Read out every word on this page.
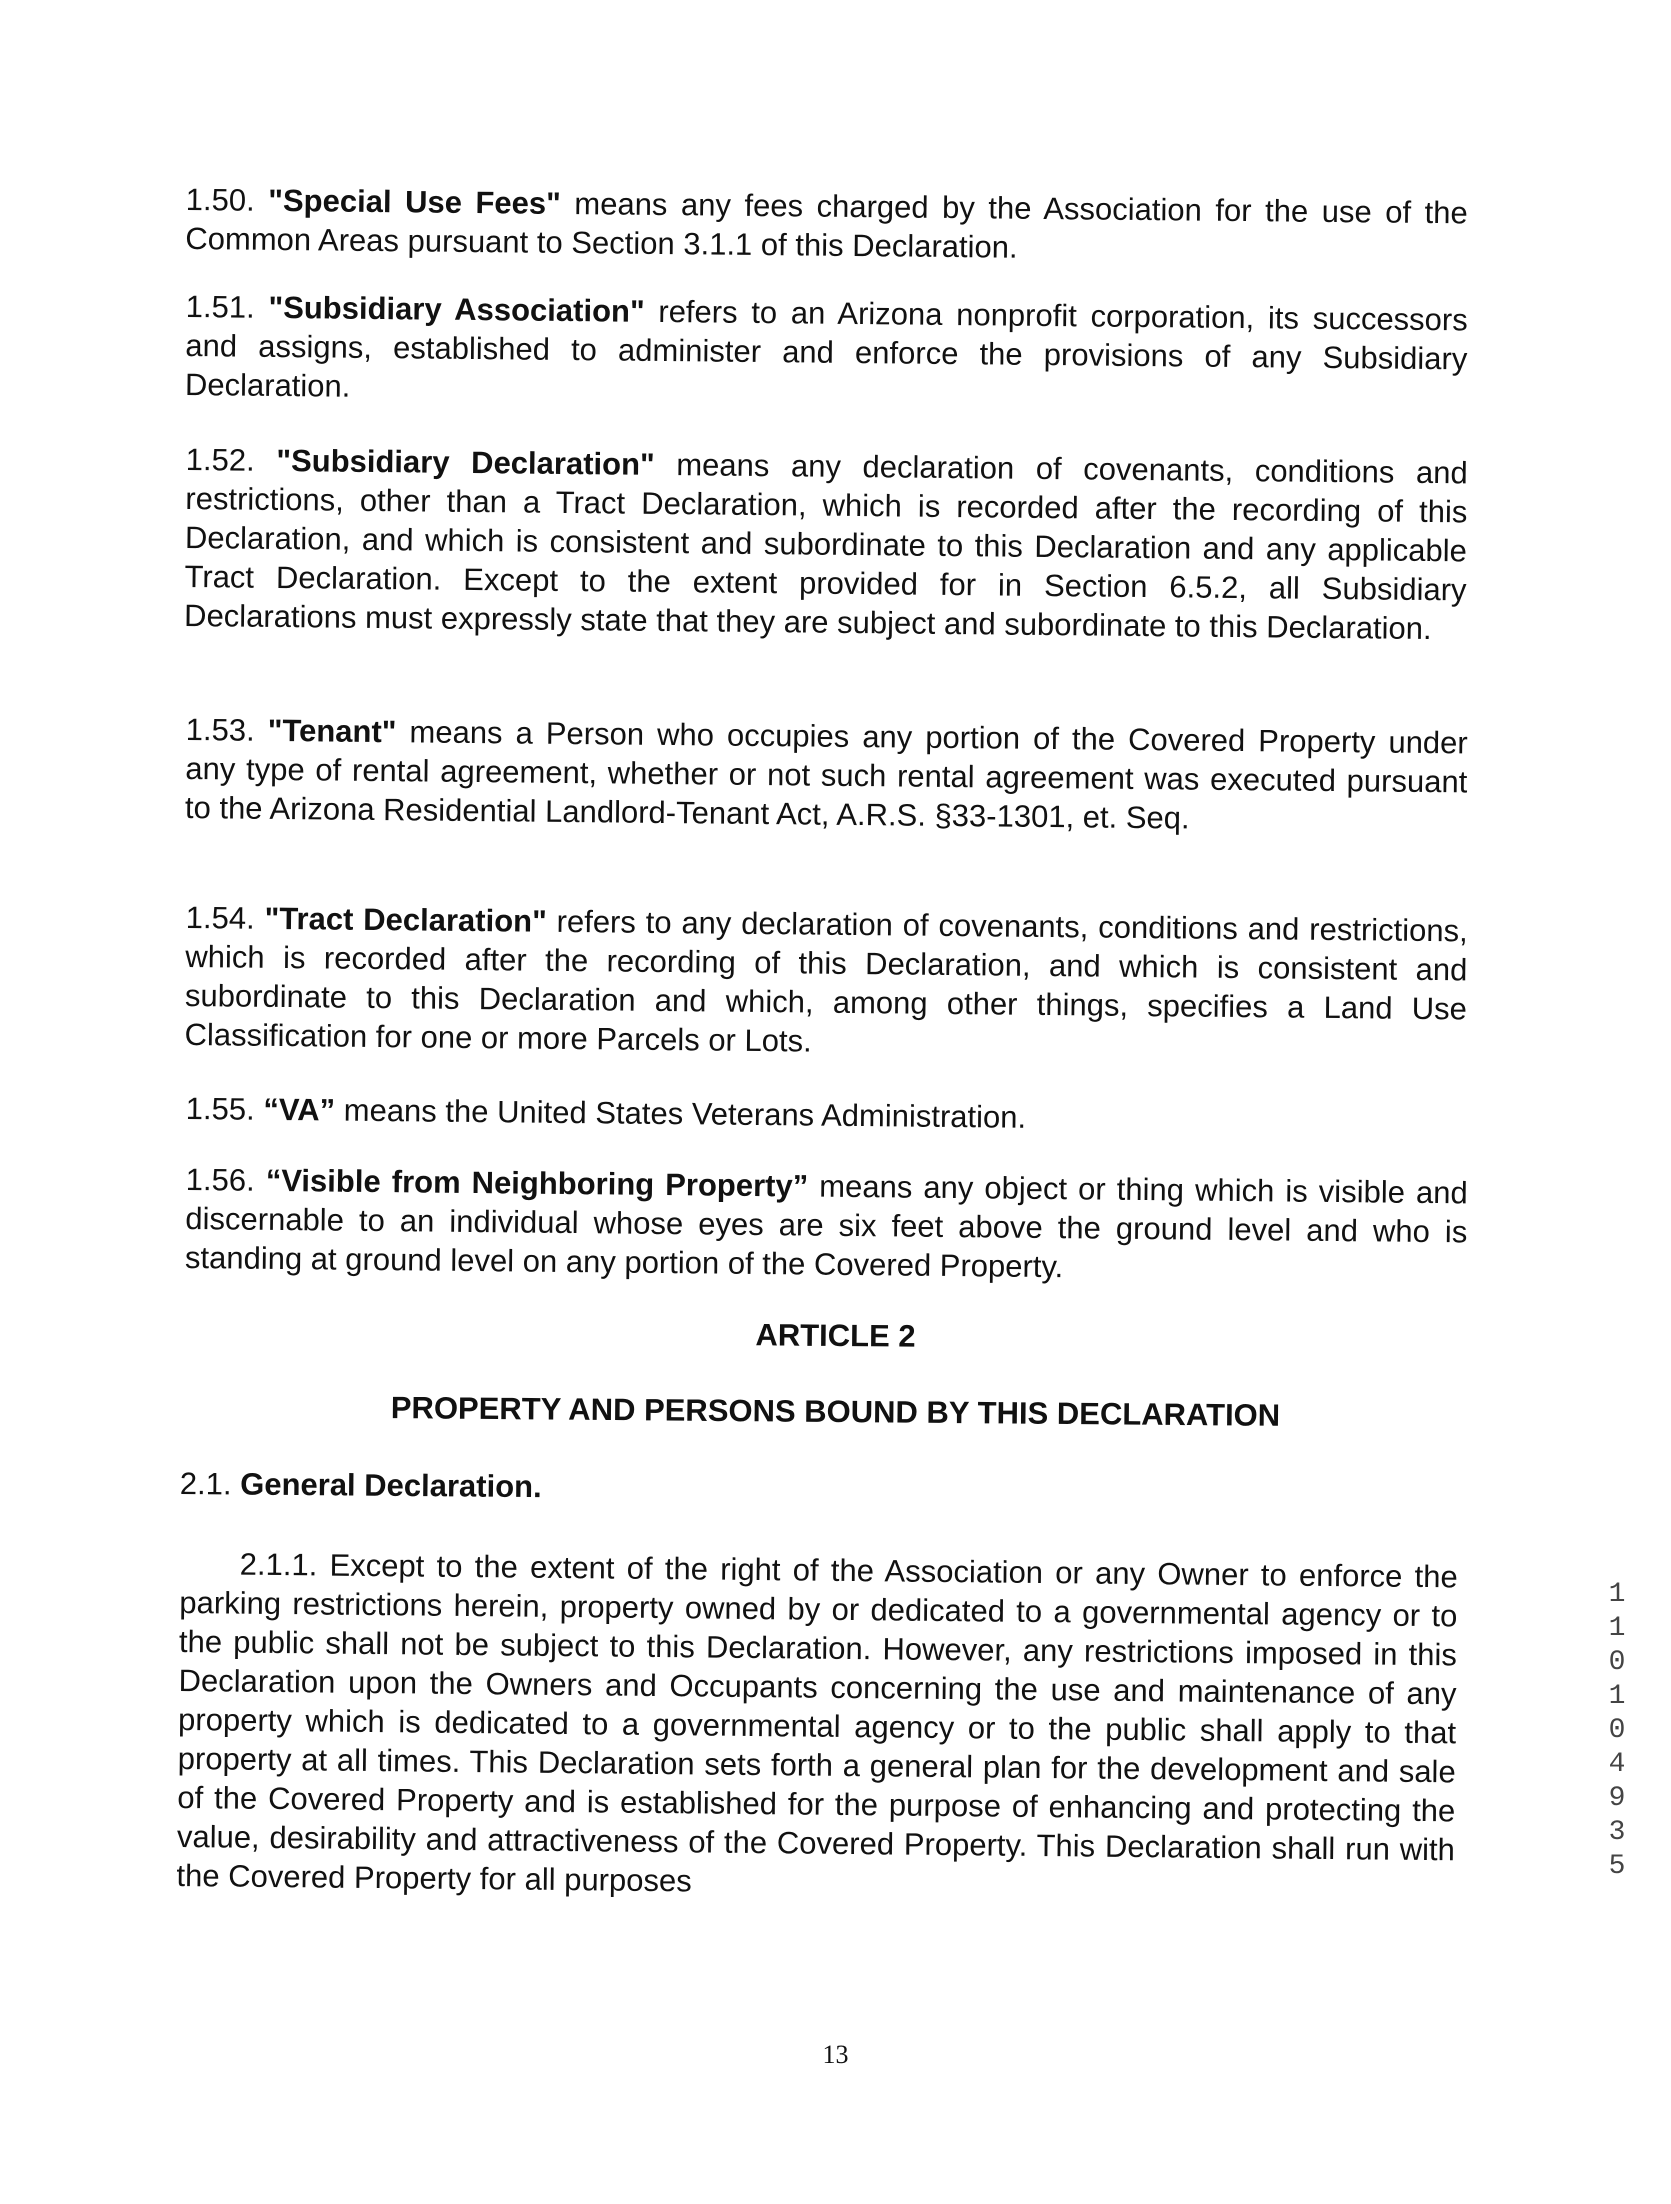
1.50. "Special Use Fees" means any fees charged by the Association for the use of the Common Areas pursuant to Section 3.1.1 of this Declaration.
1.51. "Subsidiary Association" refers to an Arizona nonprofit corporation, its successors and assigns, established to administer and enforce the provisions of any Subsidiary Declaration.
1.52. "Subsidiary Declaration" means any declaration of covenants, conditions and restrictions, other than a Tract Declaration, which is recorded after the recording of this Declaration, and which is consistent and subordinate to this Declaration and any applicable Tract Declaration. Except to the extent provided for in Section 6.5.2, all Subsidiary Declarations must expressly state that they are subject and subordinate to this Declaration.
1.53. "Tenant" means a Person who occupies any portion of the Covered Property under any type of rental agreement, whether or not such rental agreement was executed pursuant to the Arizona Residential Landlord-Tenant Act, A.R.S. §33-1301, et. Seq.
1.54. "Tract Declaration" refers to any declaration of covenants, conditions and restrictions, which is recorded after the recording of this Declaration, and which is consistent and subordinate to this Declaration and which, among other things, specifies a Land Use Classification for one or more Parcels or Lots.
1.55. “VA” means the United States Veterans Administration.
1.56. “Visible from Neighboring Property” means any object or thing which is visible and discernable to an individual whose eyes are six feet above the ground level and who is standing at ground level on any portion of the Covered Property.
ARTICLE 2
PROPERTY AND PERSONS BOUND BY THIS DECLARATION
2.1. General Declaration.
2.1.1. Except to the extent of the right of the Association or any Owner to enforce the parking restrictions herein, property owned by or dedicated to a governmental agency or to the public shall not be subject to this Declaration. However, any restrictions imposed in this Declaration upon the Owners and Occupants concerning the use and maintenance of any property which is dedicated to a governmental agency or to the public shall apply to that property at all times. This Declaration sets forth a general plan for the development and sale of the Covered Property and is established for the purpose of enhancing and protecting the value, desirability and attractiveness of the Covered Property. This Declaration shall run with the Covered Property for all purposes
1
1
0
1
0
4
9
3
5
13
